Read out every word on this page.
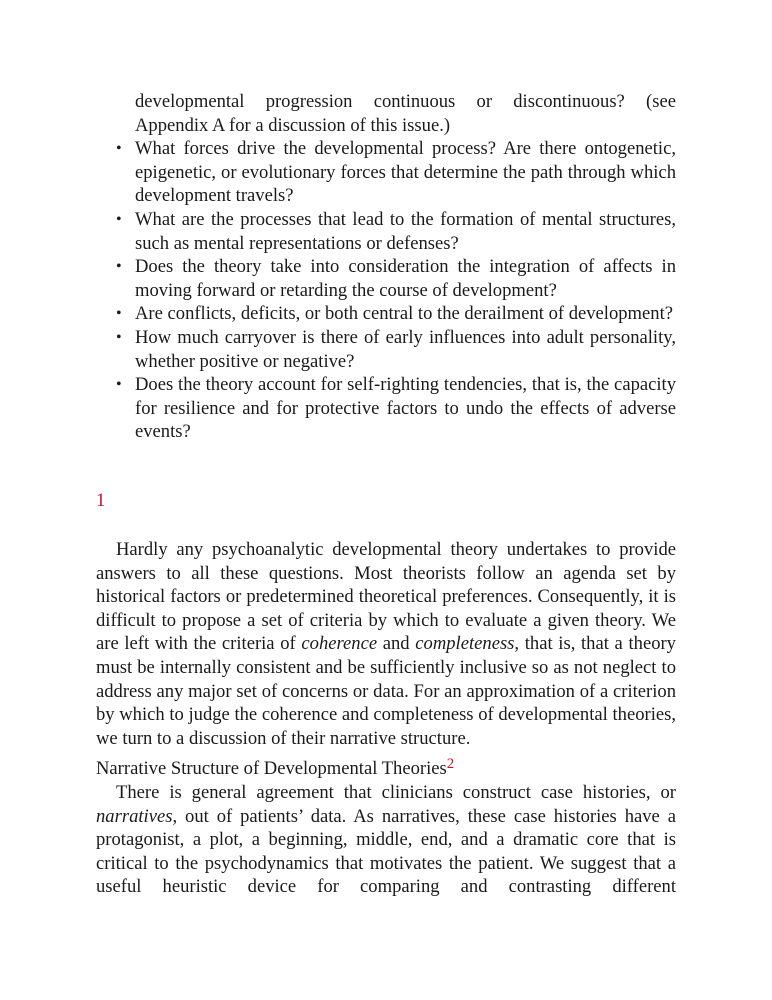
developmental progression continuous or discontinuous? (see

Appendix A for a discussion of this issue.)

• What forces drive the developmental process? Are there ontogenetic, epigenetic, or evolutionary forces that determine the path through which development travels?

• What are the processes that lead to the formation of mental structures, such as mental representations or defenses?

• Does the theory take into consideration the integration of affects in moving forward or retarding the course of development?

• Are conflicts, deficits, or both central to the derailment of development?

• How much carryover is there of early influences into adult personality, whether positive or negative?

• Does the theory account for self-righting tendencies, that is, the capacity for resilience and for protective factors to undo the effects of adverse events?

1

Hardly any psychoanalytic developmental theory undertakes to provide answers to all these questions. Most theorists follow an agenda set by historical factors or predetermined theoretical preferences. Consequently, it is difficult to propose a set of criteria by which to evaluate a given theory. We are left with the criteria of coherence and completeness, that is, that a theory must be internally consistent and be sufficiently inclusive so as not neglect to address any major set of concerns or data. For an approximation of a criterion by which to judge the coherence and completeness of developmental theories, we turn to a discussion of their narrative structure.

Narrative Structure of Developmental Theories$^2$

There is general agreement that clinicians construct case histories, or narratives, out of patients’ data. As narratives, these case histories have a protagonist, a plot, a beginning, middle, end, and a dramatic core that is critical to the psychodynamics that motivates the patient. We suggest that a useful heuristic device for comparing and contrasting different
